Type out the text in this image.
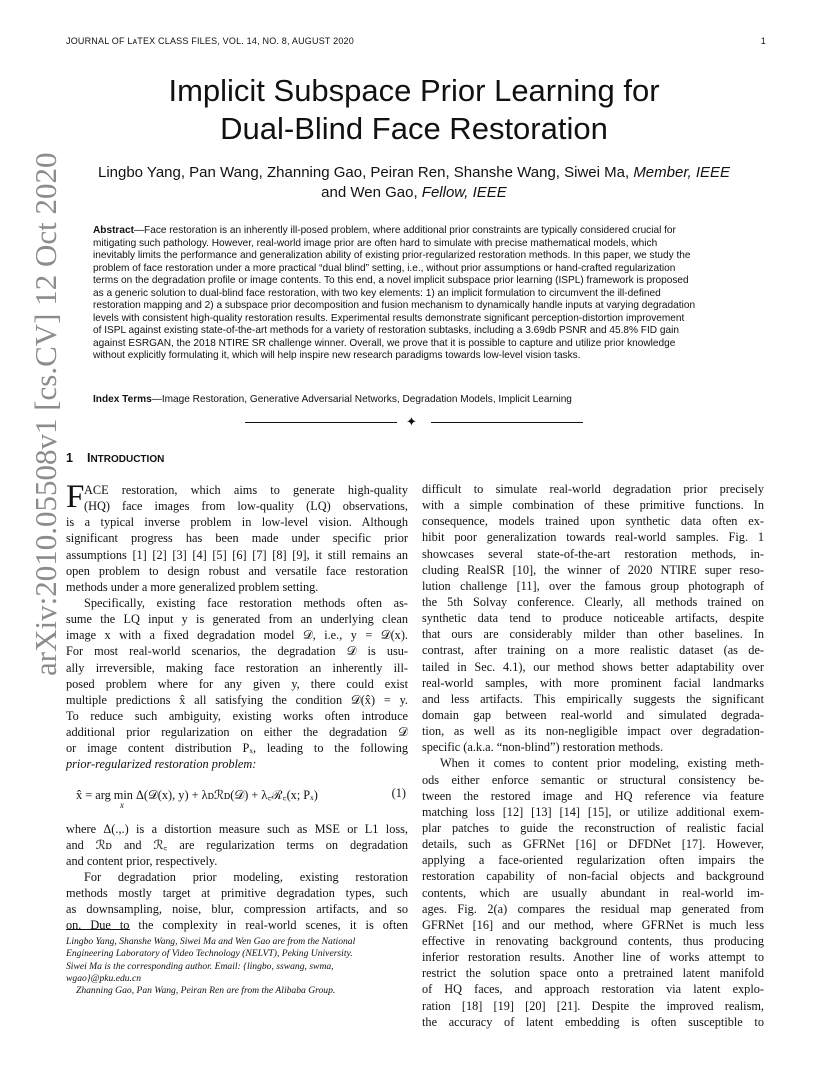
JOURNAL OF LᴀTEX CLASS FILES, VOL. 14, NO. 8, AUGUST 2020	1
Implicit Subspace Prior Learning for
Dual-Blind Face Restoration
Lingbo Yang, Pan Wang, Zhanning Gao, Peiran Ren, Shanshe Wang, Siwei Ma, Member, IEEE
and Wen Gao, Fellow, IEEE
Abstract—Face restoration is an inherently ill-posed problem, where additional prior constraints are typically considered crucial for
mitigating such pathology. However, real-world image prior are often hard to simulate with precise mathematical models, which
inevitably limits the performance and generalization ability of existing prior-regularized restoration methods. In this paper, we study the
problem of face restoration under a more practical “dual blind” setting, i.e., without prior assumptions or hand-crafted regularization
terms on the degradation profile or image contents. To this end, a novel implicit subspace prior learning (ISPL) framework is proposed
as a generic solution to dual-blind face restoration, with two key elements: 1) an implicit formulation to circumvent the ill-defined
restoration mapping and 2) a subspace prior decomposition and fusion mechanism to dynamically handle inputs at varying degradation
levels with consistent high-quality restoration results. Experimental results demonstrate significant perception-distortion improvement
of ISPL against existing state-of-the-art methods for a variety of restoration subtasks, including a 3.69db PSNR and 45.8% FID gain
against ESRGAN, the 2018 NTIRE SR challenge winner. Overall, we prove that it is possible to capture and utilize prior knowledge
without explicitly formulating it, which will help inspire new research paradigms towards low-level vision tasks.
Index Terms—Image Restoration, Generative Adversarial Networks, Degradation Models, Implicit Learning
✦
arXiv:2010.05508v1 [cs.CV] 12 Oct 2020 1 INTRODUCTION
F ACE restoration, which aims to generate high-quality
(HQ) face images from low-quality (LQ) observations,
is a typical inverse problem in low-level vision. Although
significant progress has been made under specific prior
assumptions [1] [2] [3] [4] [5] [6] [7] [8] [9], it still remains an
open problem to design robust and versatile face restoration
methods under a more generalized problem setting.
Specifically, existing face restoration methods often as-
sume the LQ input y is generated from an underlying clean
image x with a fixed degradation model 𝒟, i.e., y = 𝒟(x).
For most real-world scenarios, the degradation 𝒟 is usu-
ally irreversible, making face restoration an inherently ill-
posed problem where for any given y, there could exist
multiple predictions x̂ all satisfying the condition 𝒟(x̂) = y.
To reduce such ambiguity, existing works often introduce
additional prior regularization on either the degradation 𝒟
or image content distribution Pₓ, leading to the following
prior-regularized restoration problem:
where Δ(.,.) is a distortion measure such as MSE or L1 loss,
and ℛᴅ and ℛ꜀ are regularization terms on degradation
and content prior, respectively.
For degradation prior modeling, existing restoration
methods mostly target at primitive degradation types, such
as downsampling, noise, blur, compression artifacts, and so
on. Due to the complexity in real-world scenes, it is often
x̂ = arg min Δ(𝒟(x), y) + λᴅℛᴅ(𝒟) + λ꜀ℛ꜀(x; Pₓ)	(1)
x
Lingbo Yang, Shanshe Wang, Siwei Ma and Wen Gao are from the National
Engineering Laboratory of Video Technology (NELVT), Peking University.
Siwei Ma is the corresponding author. Email: {lingbo, sswang, swma,
wgao}@pku.edu.cn
Zhanning Gao, Pan Wang, Peiran Ren are from the Alibaba Group.
difficult to simulate real-world degradation prior precisely
with a simple combination of these primitive functions. In
consequence, models trained upon synthetic data often ex-
hibit poor generalization towards real-world samples. Fig. 1
showcases several state-of-the-art restoration methods, in-
cluding RealSR [10], the winner of 2020 NTIRE super reso-
lution challenge [11], over the famous group photograph of
the 5th Solvay conference. Clearly, all methods trained on
synthetic data tend to produce noticeable artifacts, despite
that ours are considerably milder than other baselines. In
contrast, after training on a more realistic dataset (as de-
tailed in Sec. 4.1), our method shows better adaptability over
real-world samples, with more prominent facial landmarks
and less artifacts. This empirically suggests the significant
domain gap between real-world and simulated degrada-
tion, as well as its non-negligible impact over degradation-
specific (a.k.a. “non-blind”) restoration methods.
When it comes to content prior modeling, existing meth-
ods either enforce semantic or structural consistency be-
tween the restored image and HQ reference via feature
matching loss [12] [13] [14] [15], or utilize additional exem-
plar patches to guide the reconstruction of realistic facial
details, such as GFRNet [16] or DFDNet [17]. However,
applying a face-oriented regularization often impairs the
restoration capability of non-facial objects and background
contents, which are usually abundant in real-world im-
ages. Fig. 2(a) compares the residual map generated from
GFRNet [16] and our method, where GFRNet is much less
effective in renovating background contents, thus producing
inferior restoration results. Another line of works attempt to
restrict the solution space onto a pretrained latent manifold
of HQ faces, and approach restoration via latent explo-
ration [18] [19] [20] [21]. Despite the improved realism,
the accuracy of latent embedding is often susceptible to
